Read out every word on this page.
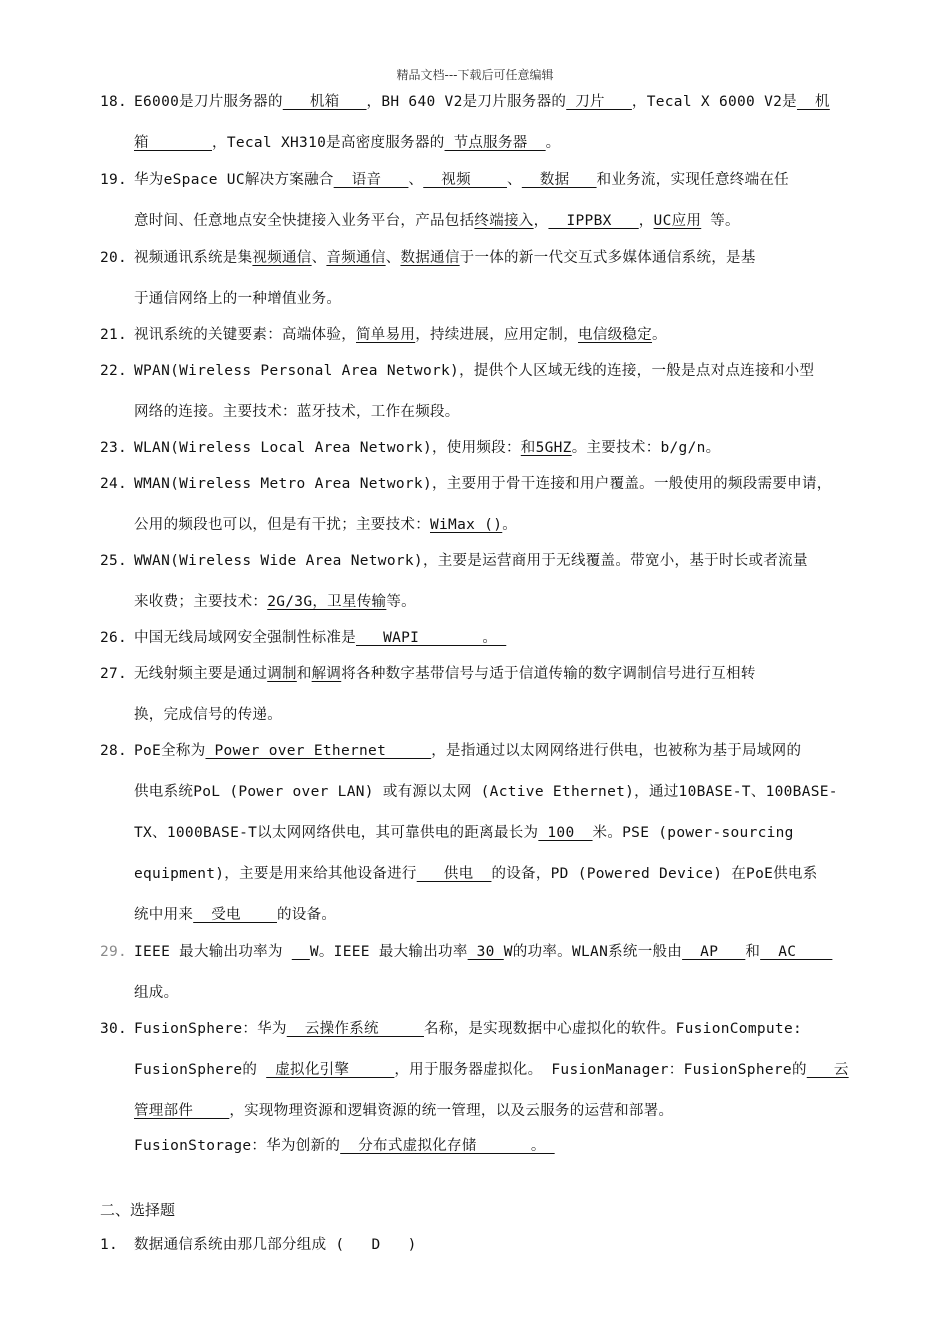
精品文档---下载后可任意编辑
18. E6000是刀片服务器的   机箱   ，BH 640 V2是刀片服务器的 刀片   ，Tecal X 6000 V2是  机
箱       ，Tecal XH310是高密度服务器的 节点服务器  。
19. 华为eSpace UC解决方案融合  语音   、  视频    、  数据   和业务流，实现任意终端在任
意时间、任意地点安全快捷接入业务平台，产品包括终端接入，  IPPBX   ，UC应用 等。
20. 视频通讯系统是集视频通信、音频通信、数据通信于一体的新一代交互式多媒体通信系统，是基
于通信网络上的一种增值业务。
21. 视讯系统的关键要素：高端体验，简单易用，持续进展，应用定制，电信级稳定。
22. WPAN(Wireless Personal Area Network)，提供个人区域无线的连接，一般是点对点连接和小型
网络的连接。主要技术：蓝牙技术，工作在频段。
23. WLAN(Wireless Local Area Network)，使用频段：和5GHZ。主要技术：b/g/n。
24. WMAN(Wireless Metro Area Network)，主要用于骨干连接和用户覆盖。一般使用的频段需要申请，
公用的频段也可以，但是有干扰；主要技术：WiMax ()。
25. WWAN(Wireless Wide Area Network)，主要是运营商用于无线覆盖。带宽小，基于时长或者流量
来收费；主要技术：2G/3G，卫星传输等。
26. 中国无线局域网安全强制性标准是   WAPI       。
27. 无线射频主要是通过调制和解调将各种数字基带信号与适于信道传输的数字调制信号进行互相转
换，完成信号的传递。
28. PoE全称为 Power over Ethernet     ，是指通过以太网网络进行供电，也被称为基于局域网的
供电系统PoL (Power over LAN) 或有源以太网 (Active Ethernet)，通过10BASE-T、100BASE-
TX、1000BASE-T以太网网络供电，其可靠供电的距离最长为 100  米。PSE (power-sourcing
equipment)，主要是用来给其他设备进行   供电  的设备，PD (Powered Device) 在PoE供电系
统中用来  受电    的设备。
29. IEEE 最大输出功率为   W。IEEE 最大输出功率 30 W的功率。WLAN系统一般由  AP   和  AC
组成。
30. FusionSphere：华为  云操作系统     名称，是实现数据中心虚拟化的软件。FusionCompute:
FusionSphere的  虚拟化引擎     ，用于服务器虚拟化。 FusionManager：FusionSphere的   云
管理部件    ，实现物理资源和逻辑资源的统一管理，以及云服务的运营和部署。
FusionStorage：华为创新的  分布式虚拟化存储      。
二、选择题
1.	数据通信系统由那几部分组成 (   D   )
